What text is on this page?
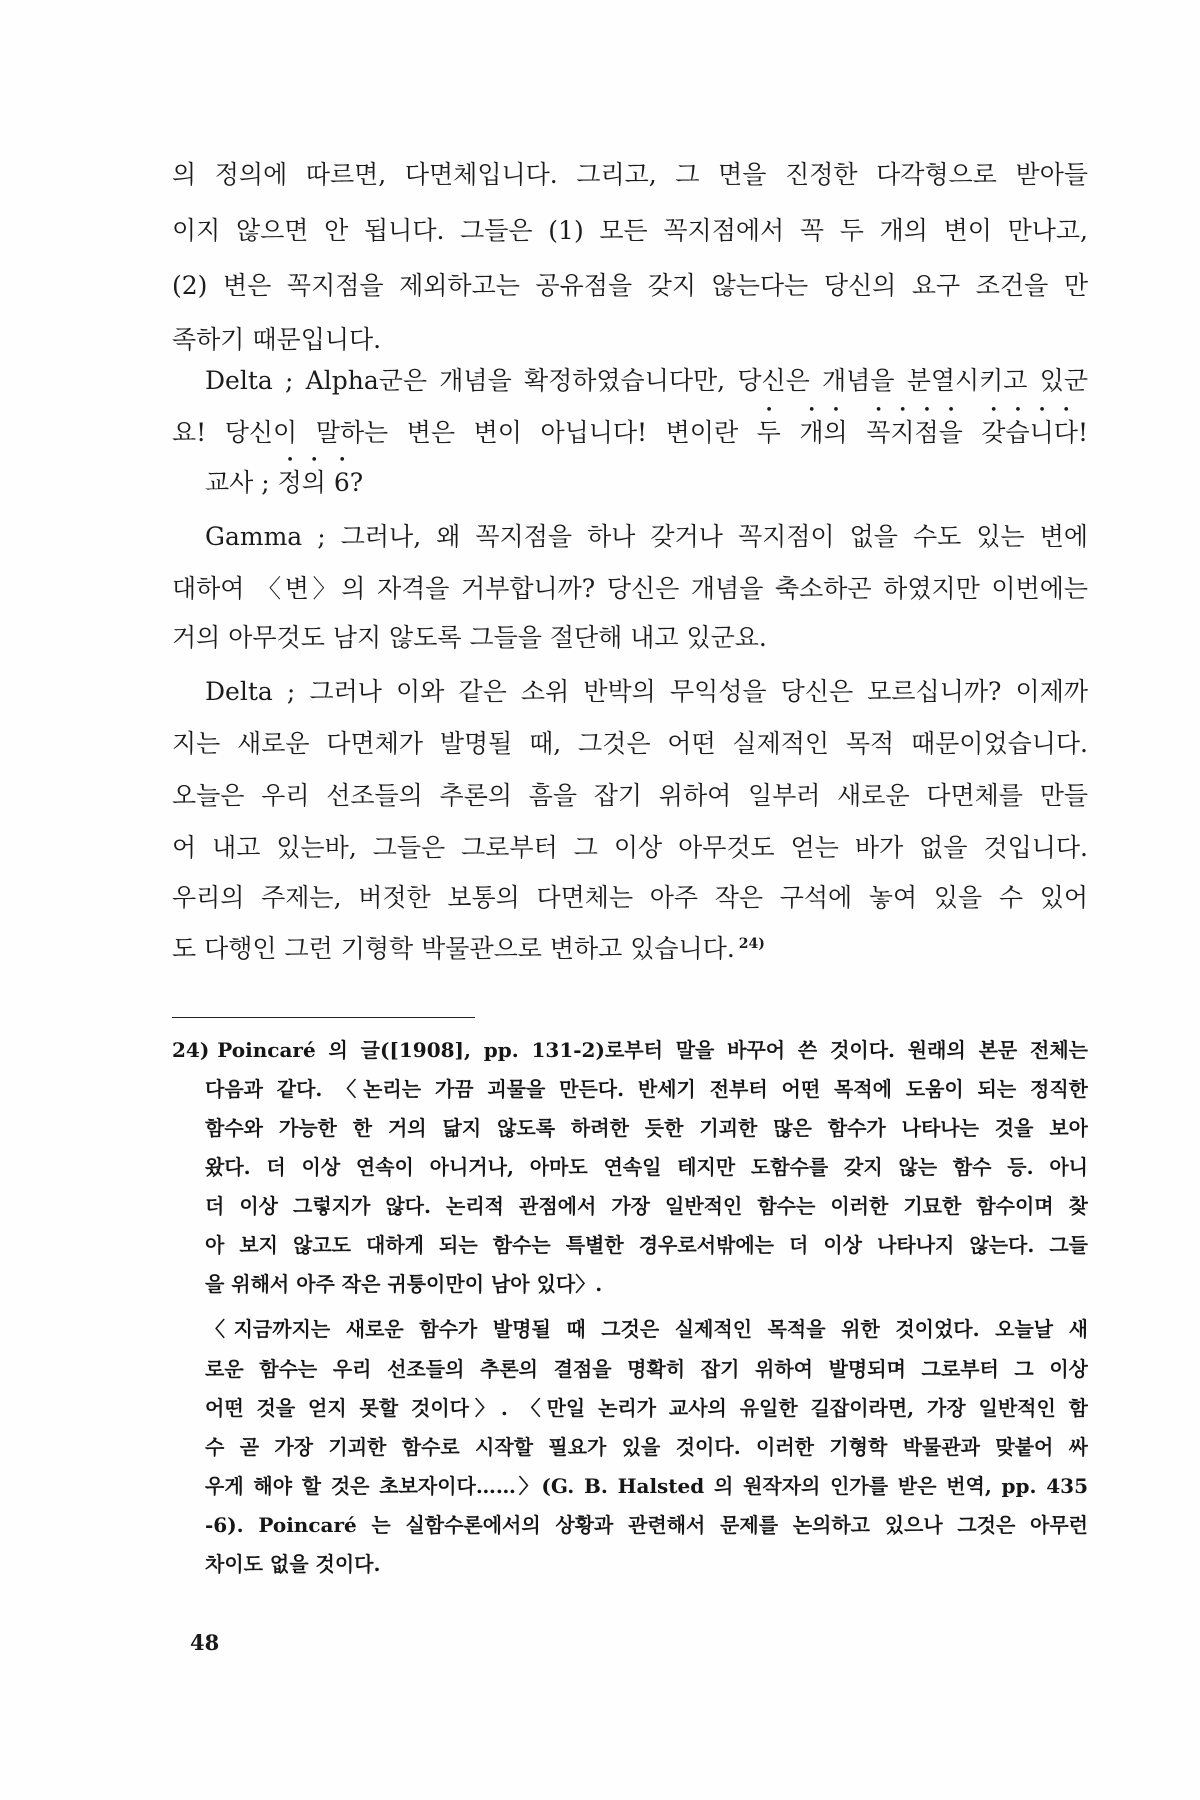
의 정의에 따르면, 다면체입니다. 그리고, 그 면을 진정한 다각형으로 받아들
이지 않으면 안 됩니다. 그들은 (1) 모든 꼭지점에서 꼭 두 개의 변이 만나고,
(2) 변은 꼭지점을 제외하고는 공유점을 갖지 않는다는 당신의 요구 조건을 만
족하기 때문입니다.
Delta ; Alpha군은 개념을 확정하였습니다만, 당신은 개념을 분열시키고 있군
요! 당신이 말하는 변은 변이 아닙니다! 변이란 두 개의 꼭지점을 갖습니다!
교사 ; 정의 6?
Gamma ; 그러나, 왜 꼭지점을 하나 갖거나 꼭지점이 없을 수도 있는 변에
대하여 〈변〉의 자격을 거부합니까? 당신은 개념을 축소하곤 하였지만 이번에는
거의 아무것도 남지 않도록 그들을 절단해 내고 있군요.
Delta ; 그러나 이와 같은 소위 반박의 무익성을 당신은 모르십니까? 이제까
지는 새로운 다면체가 발명될 때, 그것은 어떤 실제적인 목적 때문이었습니다.
오늘은 우리 선조들의 추론의 흠을 잡기 위하여 일부러 새로운 다면체를 만들
어 내고 있는바, 그들은 그로부터 그 이상 아무것도 얻는 바가 없을 것입니다.
우리의 주제는, 버젓한 보통의 다면체는 아주 작은 구석에 놓여 있을 수 있어
도 다행인 그런 기형학 박물관으로 변하고 있습니다. $^{24)}$
24) Poincaré 의 글([1908], pp. 131-2)로부터 말을 바꾸어 쓴 것이다. 원래의 본문 전체는
다음과 같다. 〈논리는 가끔 괴물을 만든다. 반세기 전부터 어떤 목적에 도움이 되는 정직한
함수와 가능한 한 거의 닮지 않도록 하려한 듯한 기괴한 많은 함수가 나타나는 것을 보아
왔다. 더 이상 연속이 아니거나, 아마도 연속일 테지만 도함수를 갖지 않는 함수 등. 아니
더 이상 그렇지가 않다. 논리적 관점에서 가장 일반적인 함수는 이러한 기묘한 함수이며 찾
아 보지 않고도 대하게 되는 함수는 특별한 경우로서밖에는 더 이상 나타나지 않는다. 그들
을 위해서 아주 작은 귀퉁이만이 남아 있다〉.
〈지금까지는 새로운 함수가 발명될 때 그것은 실제적인 목적을 위한 것이었다. 오늘날 새
로운 함수는 우리 선조들의 추론의 결점을 명확히 잡기 위하여 발명되며 그로부터 그 이상
어떤 것을 얻지 못할 것이다〉. 〈만일 논리가 교사의 유일한 길잡이라면, 가장 일반적인 함
수 곧 가장 기괴한 함수로 시작할 필요가 있을 것이다. 이러한 기형학 박물관과 맞붙어 싸
우게 해야 할 것은 초보자이다……〉(G. B. Halsted 의 원작자의 인가를 받은 번역, pp. 435
-6). Poincaré 는 실함수론에서의 상황과 관련해서 문제를 논의하고 있으나 그것은 아무런
차이도 없을 것이다.
48
